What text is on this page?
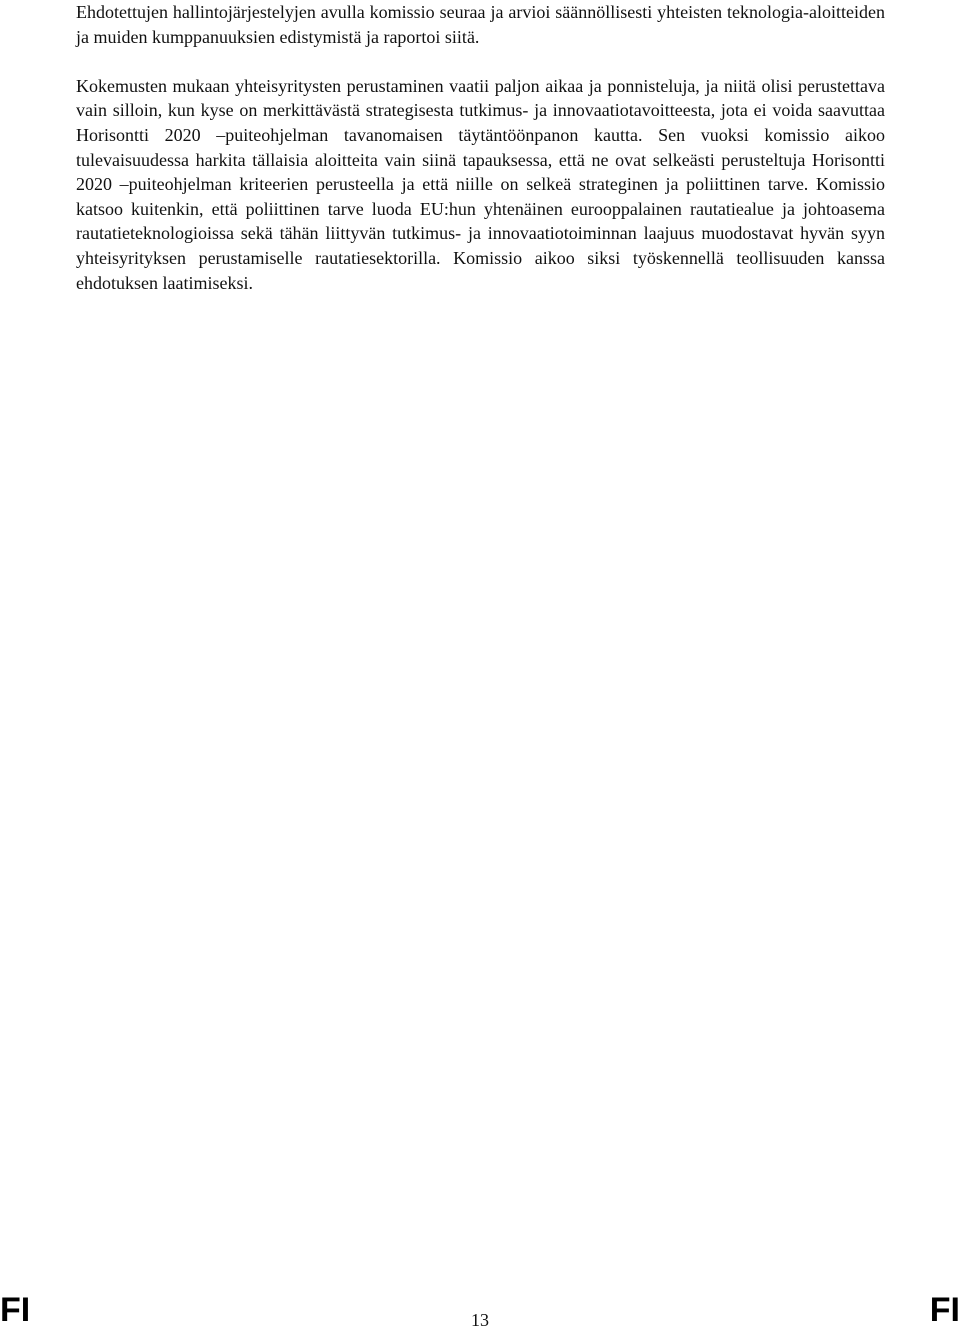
Ehdotettujen hallintojärjestelyjen avulla komissio seuraa ja arvioi säännöllisesti yhteisten teknologia-aloitteiden ja muiden kumppanuuksien edistymistä ja raportoi siitä.

Kokemusten mukaan yhteisyritysten perustaminen vaatii paljon aikaa ja ponnisteluja, ja niitä olisi perustettava vain silloin, kun kyse on merkittävästä strategisesta tutkimus- ja innovaatiotavoitteesta, jota ei voida saavuttaa Horisontti 2020 –puiteohjelman tavanomaisen täytäntöönpanon kautta. Sen vuoksi komissio aikoo tulevaisuudessa harkita tällaisia aloitteita vain siinä tapauksessa, että ne ovat selkeästi perusteltuja Horisontti 2020 –puiteohjelman kriteerien perusteella ja että niille on selkeä strateginen ja poliittinen tarve. Komissio katsoo kuitenkin, että poliittinen tarve luoda EU:hun yhtenäinen eurooppalainen rautatiealue ja johtoasema rautatieteknologioissa sekä tähän liittyvän tutkimus- ja innovaatiotoiminnan laajuus muodostavat hyvän syyn yhteisyrityksen perustamiselle rautatiesektorilla. Komissio aikoo siksi työskennellä teollisuuden kanssa ehdotuksen laatimiseksi.

FI	13	FI
